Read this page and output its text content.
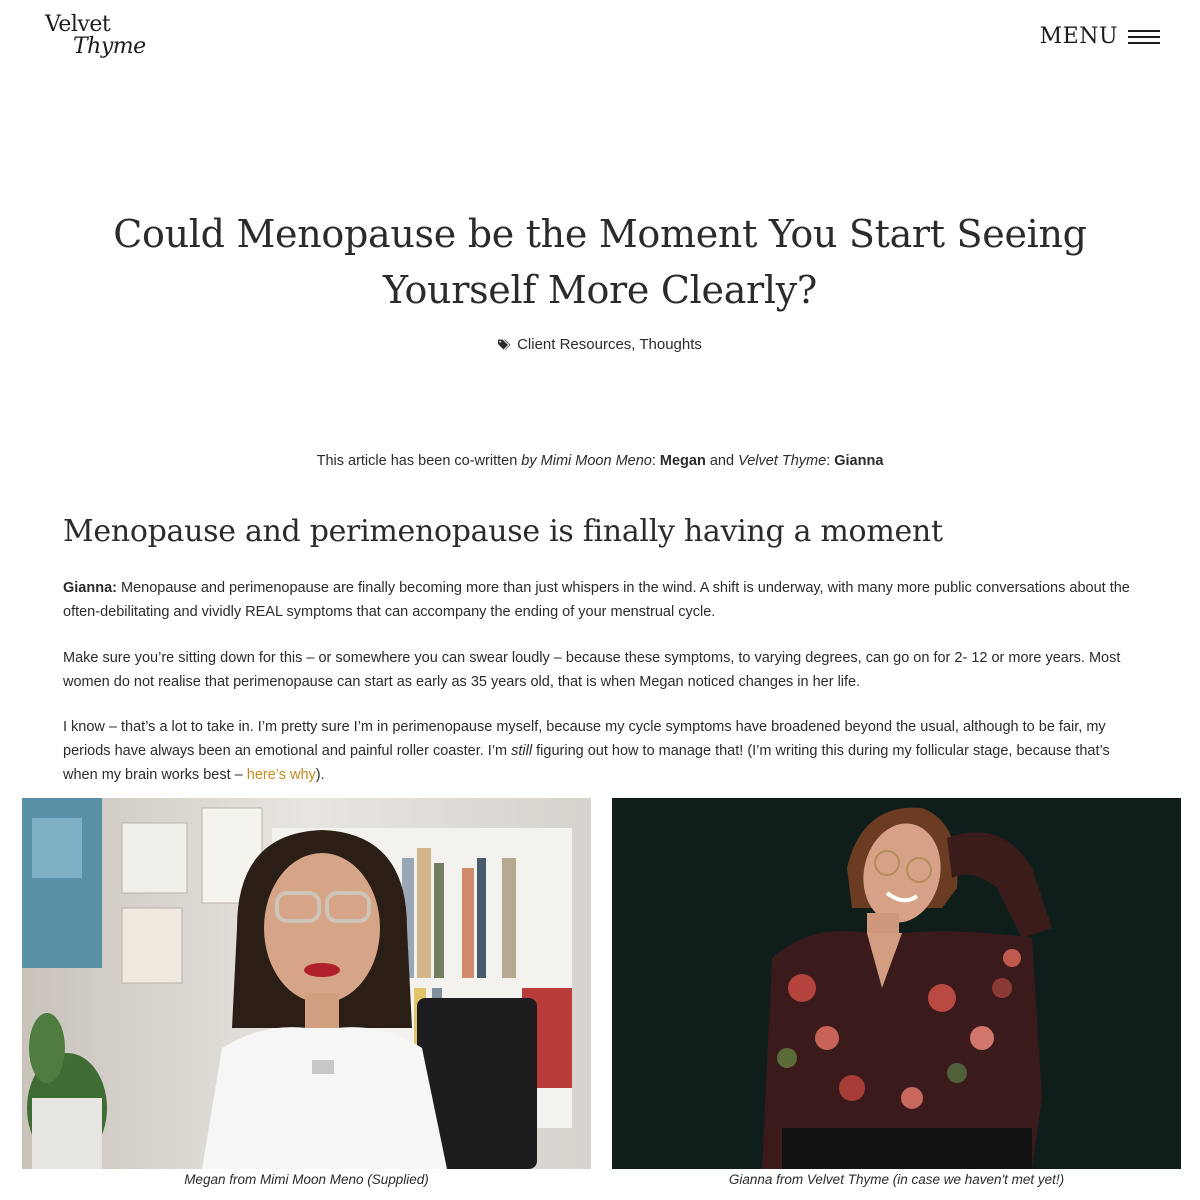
Velvet
Thyme	MENU
Could Menopause be the Moment You Start Seeing Yourself More Clearly?
Client Resources, Thoughts

This article has been co-written by Mimi Moon Meno: Megan and Velvet Thyme: Gianna

Menopause and perimenopause is finally having a moment

Gianna: Menopause and perimenopause are finally becoming more than just whispers in the wind. A shift is underway, with many more public conversations about the often-debilitating and vividly REAL symptoms that can accompany the ending of your menstrual cycle.

Make sure you’re sitting down for this – or somewhere you can swear loudly – because these symptoms, to varying degrees, can go on for 2- 12 or more years. Most women do not realise that perimenopause can start as early as 35 years old, that is when Megan noticed changes in her life.

I know – that’s a lot to take in. I’m pretty sure I’m in perimenopause myself, because my cycle symptoms have broadened beyond the usual, although to be fair, my periods have always been an emotional and painful roller coaster. I’m still figuring out how to manage that! (I’m writing this during my follicular stage, because that’s when my brain works best – here’s why).

Megan from Mimi Moon Meno (Supplied)	Gianna from Velvet Thyme (in case we haven't met yet!)
